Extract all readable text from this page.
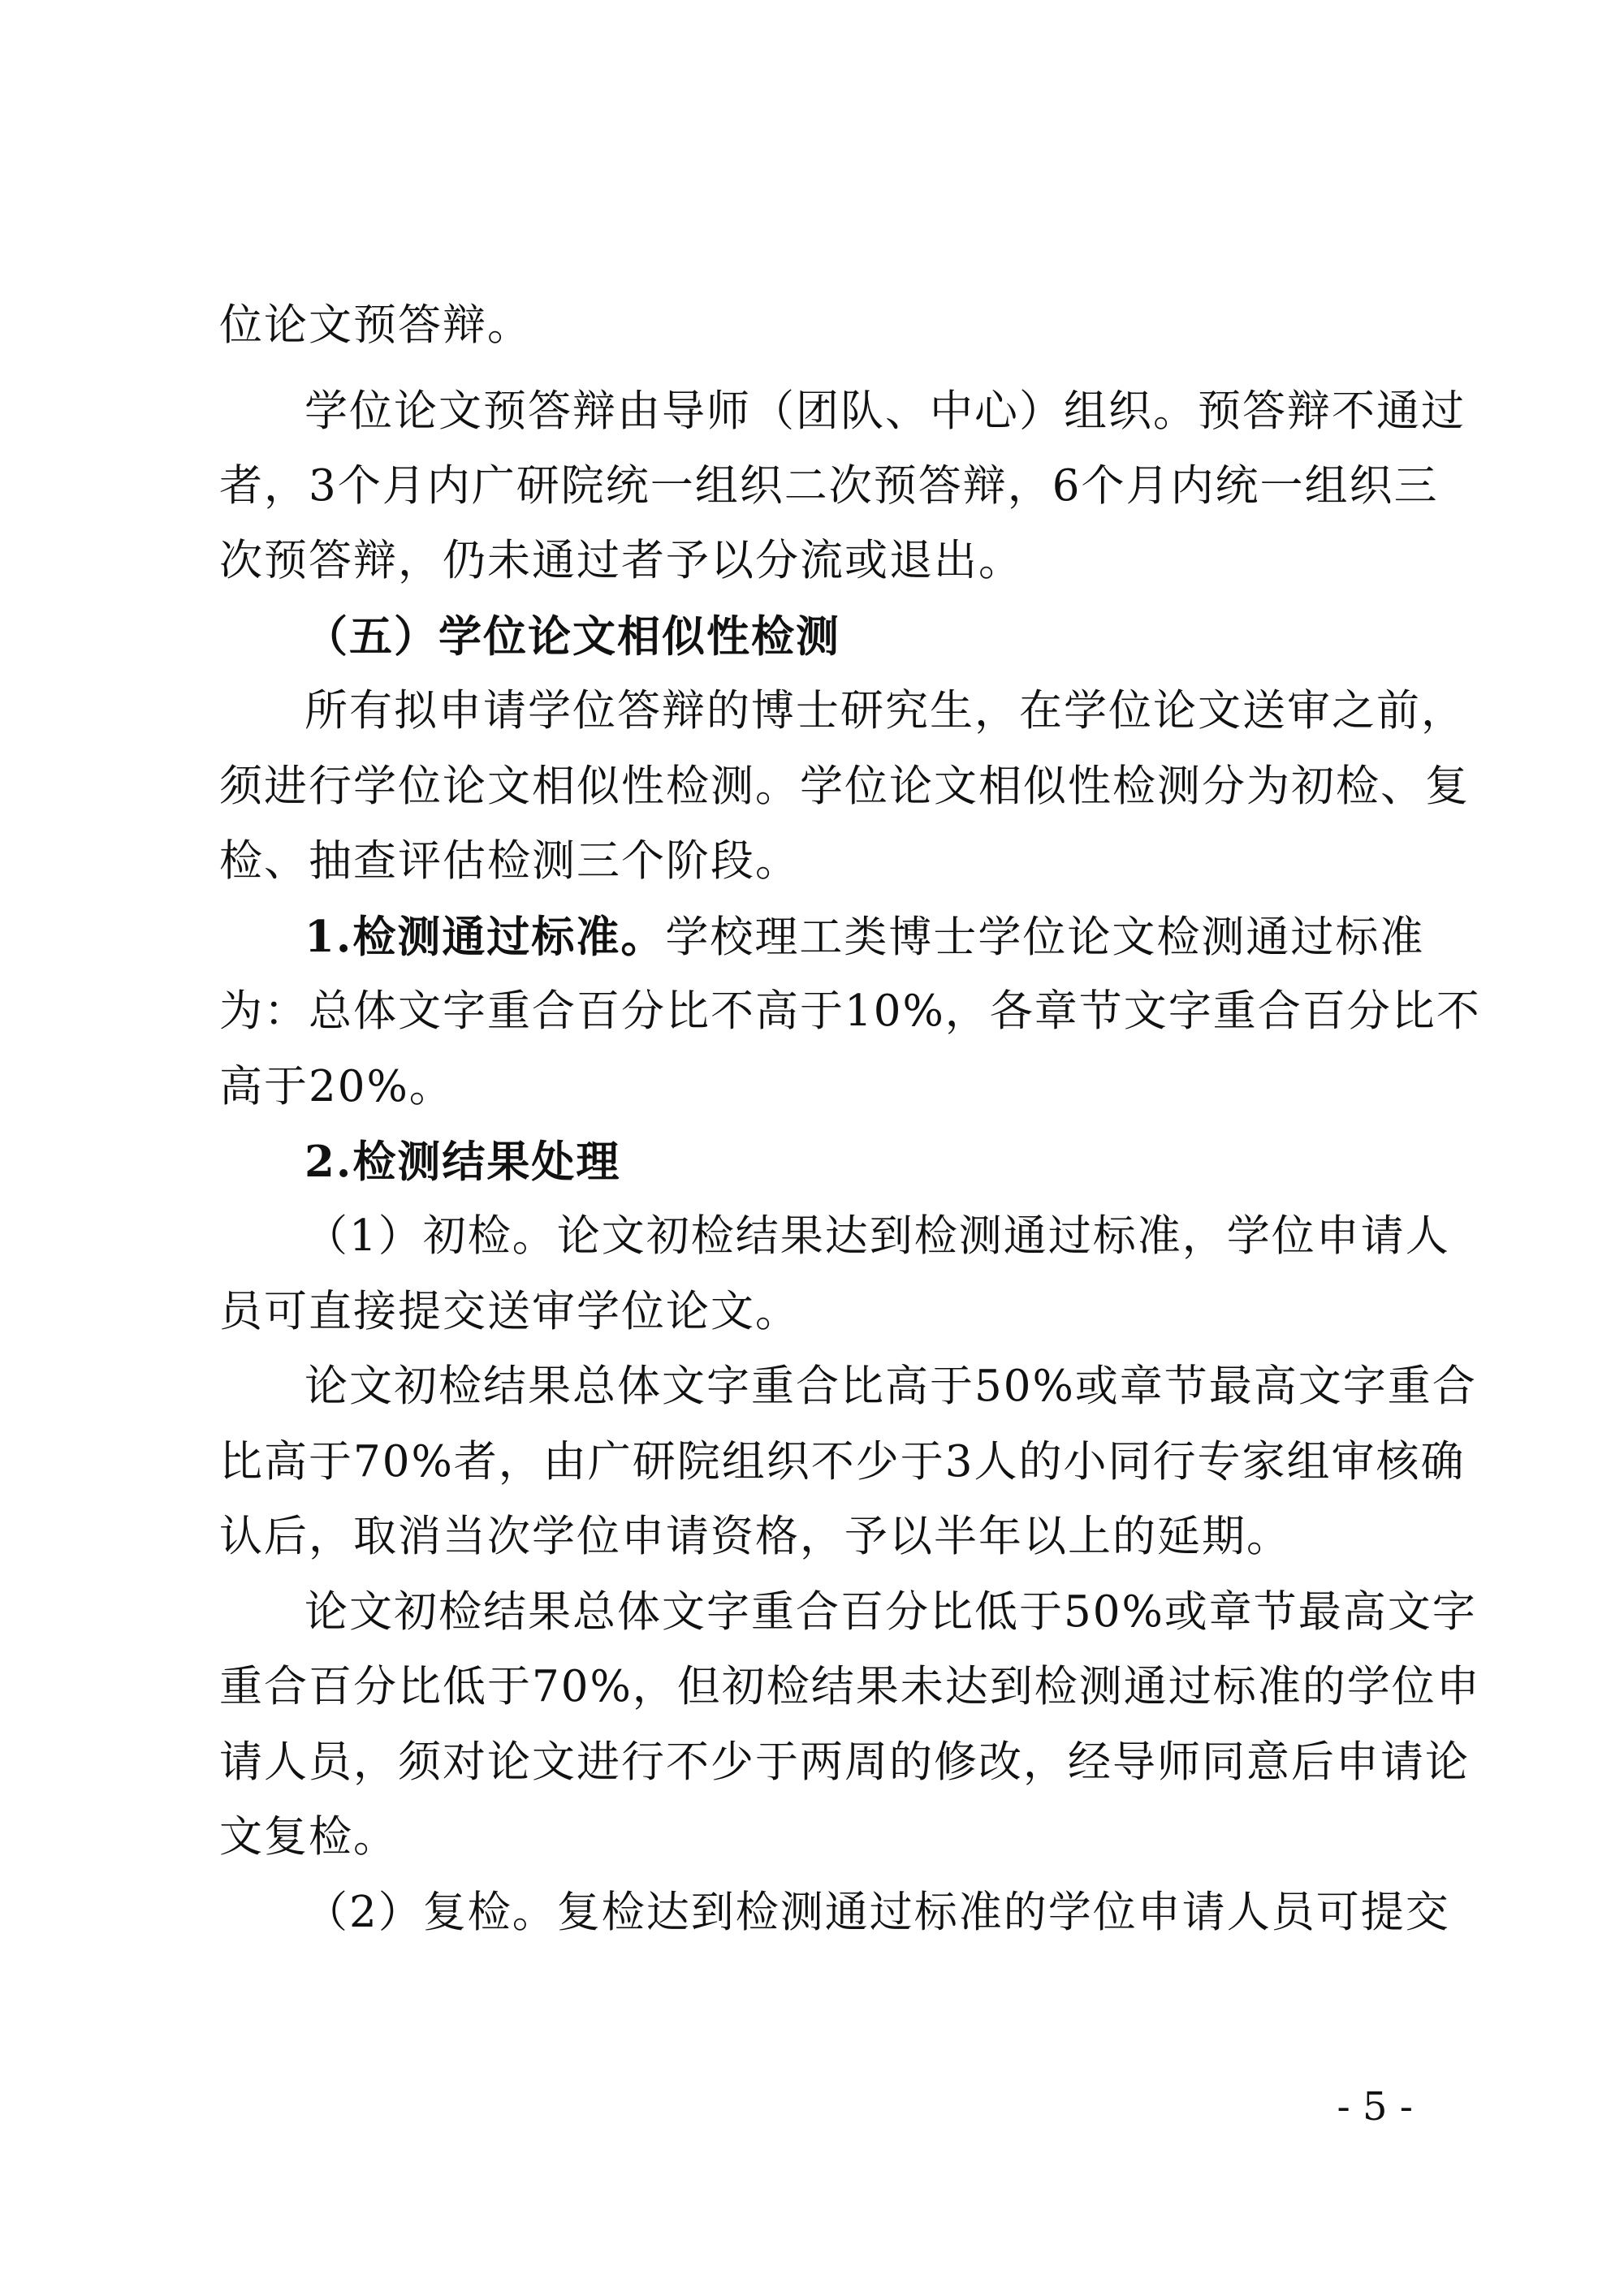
位论文预答辩。
学位论文预答辩由导师（团队、中心）组织。预答辩不通过
者，3个月内广研院统一组织二次预答辩，6个月内统一组织三
次预答辩，仍未通过者予以分流或退出。
（五）学位论文相似性检测
所有拟申请学位答辩的博士研究生，在学位论文送审之前，
须进行学位论文相似性检测。学位论文相似性检测分为初检、复
检、抽查评估检测三个阶段。
1.检测通过标准。学校理工类博士学位论文检测通过标准
为：总体文字重合百分比不高于10%，各章节文字重合百分比不
高于20%。
2.检测结果处理
（1）初检。论文初检结果达到检测通过标准，学位申请人
员可直接提交送审学位论文。
论文初检结果总体文字重合比高于50%或章节最高文字重合
比高于70%者，由广研院组织不少于3人的小同行专家组审核确
认后，取消当次学位申请资格，予以半年以上的延期。
论文初检结果总体文字重合百分比低于50%或章节最高文字
重合百分比低于70%，但初检结果未达到检测通过标准的学位申
请人员，须对论文进行不少于两周的修改，经导师同意后申请论
文复检。
（2）复检。复检达到检测通过标准的学位申请人员可提交
- 5 -
